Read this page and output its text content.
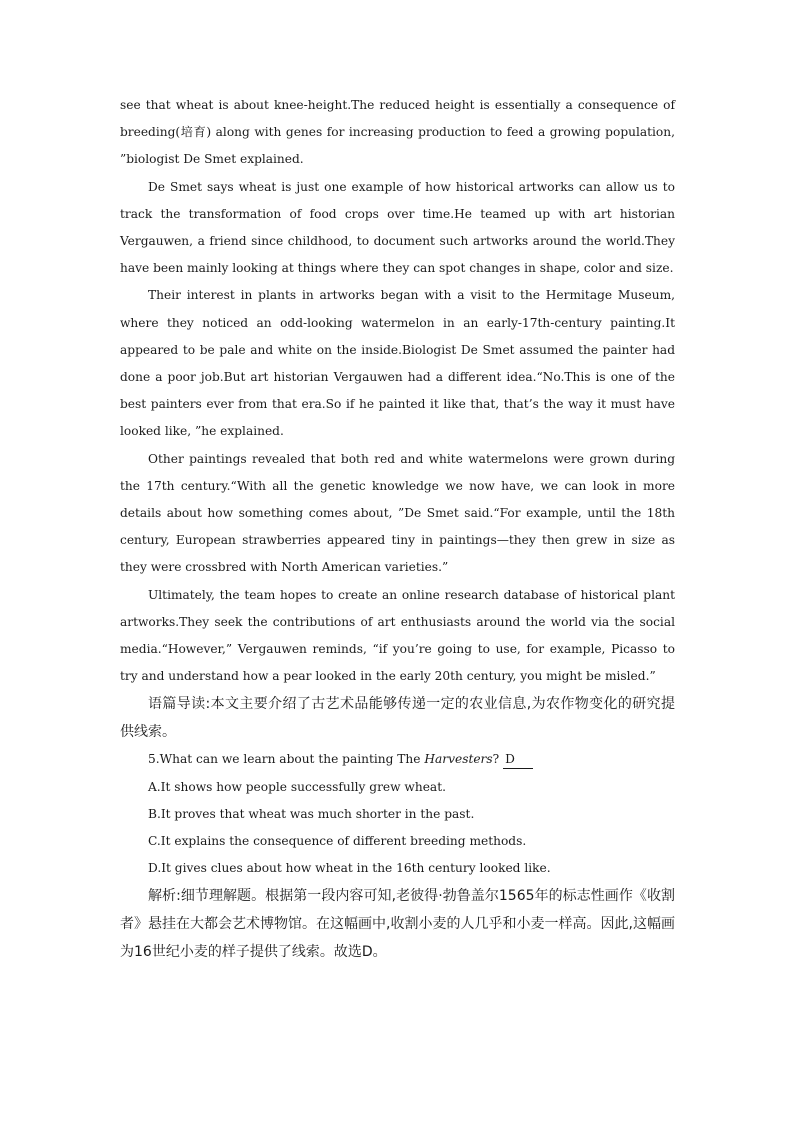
see that wheat is about knee-height.The reduced height is essentially a consequence of breeding(培育) along with genes for increasing production to feed a growing population, ”biologist De Smet explained.

De Smet says wheat is just one example of how historical artworks can allow us to track the transformation of food crops over time.He teamed up with art historian Vergauwen, a friend since childhood, to document such artworks around the world.They have been mainly looking at things where they can spot changes in shape, color and size.

Their interest in plants in artworks began with a visit to the Hermitage Museum, where they noticed an odd-looking watermelon in an early-17th-century painting.It appeared to be pale and white on the inside.Biologist De Smet assumed the painter had done a poor job.But art historian Vergauwen had a different idea.“No.This is one of the best painters ever from that era.So if he painted it like that, that’s the way it must have looked like, ”he explained.

Other paintings revealed that both red and white watermelons were grown during the 17th century.“With all the genetic knowledge we now have, we can look in more details about how something comes about, ”De Smet said.“For example, until the 18th century, European strawberries appeared tiny in paintings—they then grew in size as they were crossbred with North American varieties.”

Ultimately, the team hopes to create an online research database of historical plant artworks.They seek the contributions of art enthusiasts around the world via the social media.“However,” Vergauwen reminds, “if you’re going to use, for example, Picasso to try and understand how a pear looked in the early 20th century, you might be misled.”

语篇导读:本文主要介绍了古艺术品能够传递一定的农业信息,为农作物变化的研究提供线索。

5.What can we learn about the painting The Harvesters? D

A.It shows how people successfully grew wheat.

B.It proves that wheat was much shorter in the past.

C.It explains the consequence of different breeding methods.

D.It gives clues about how wheat in the 16th century looked like.

解析:细节理解题。根据第一段内容可知,老彼得·勃鲁盖尔1565年的标志性画作《收割者》悬挂在大都会艺术博物馆。在这幅画中,收割小麦的人几乎和小麦一样高。因此,这幅画为16世纪小麦的样子提供了线索。故选D。
